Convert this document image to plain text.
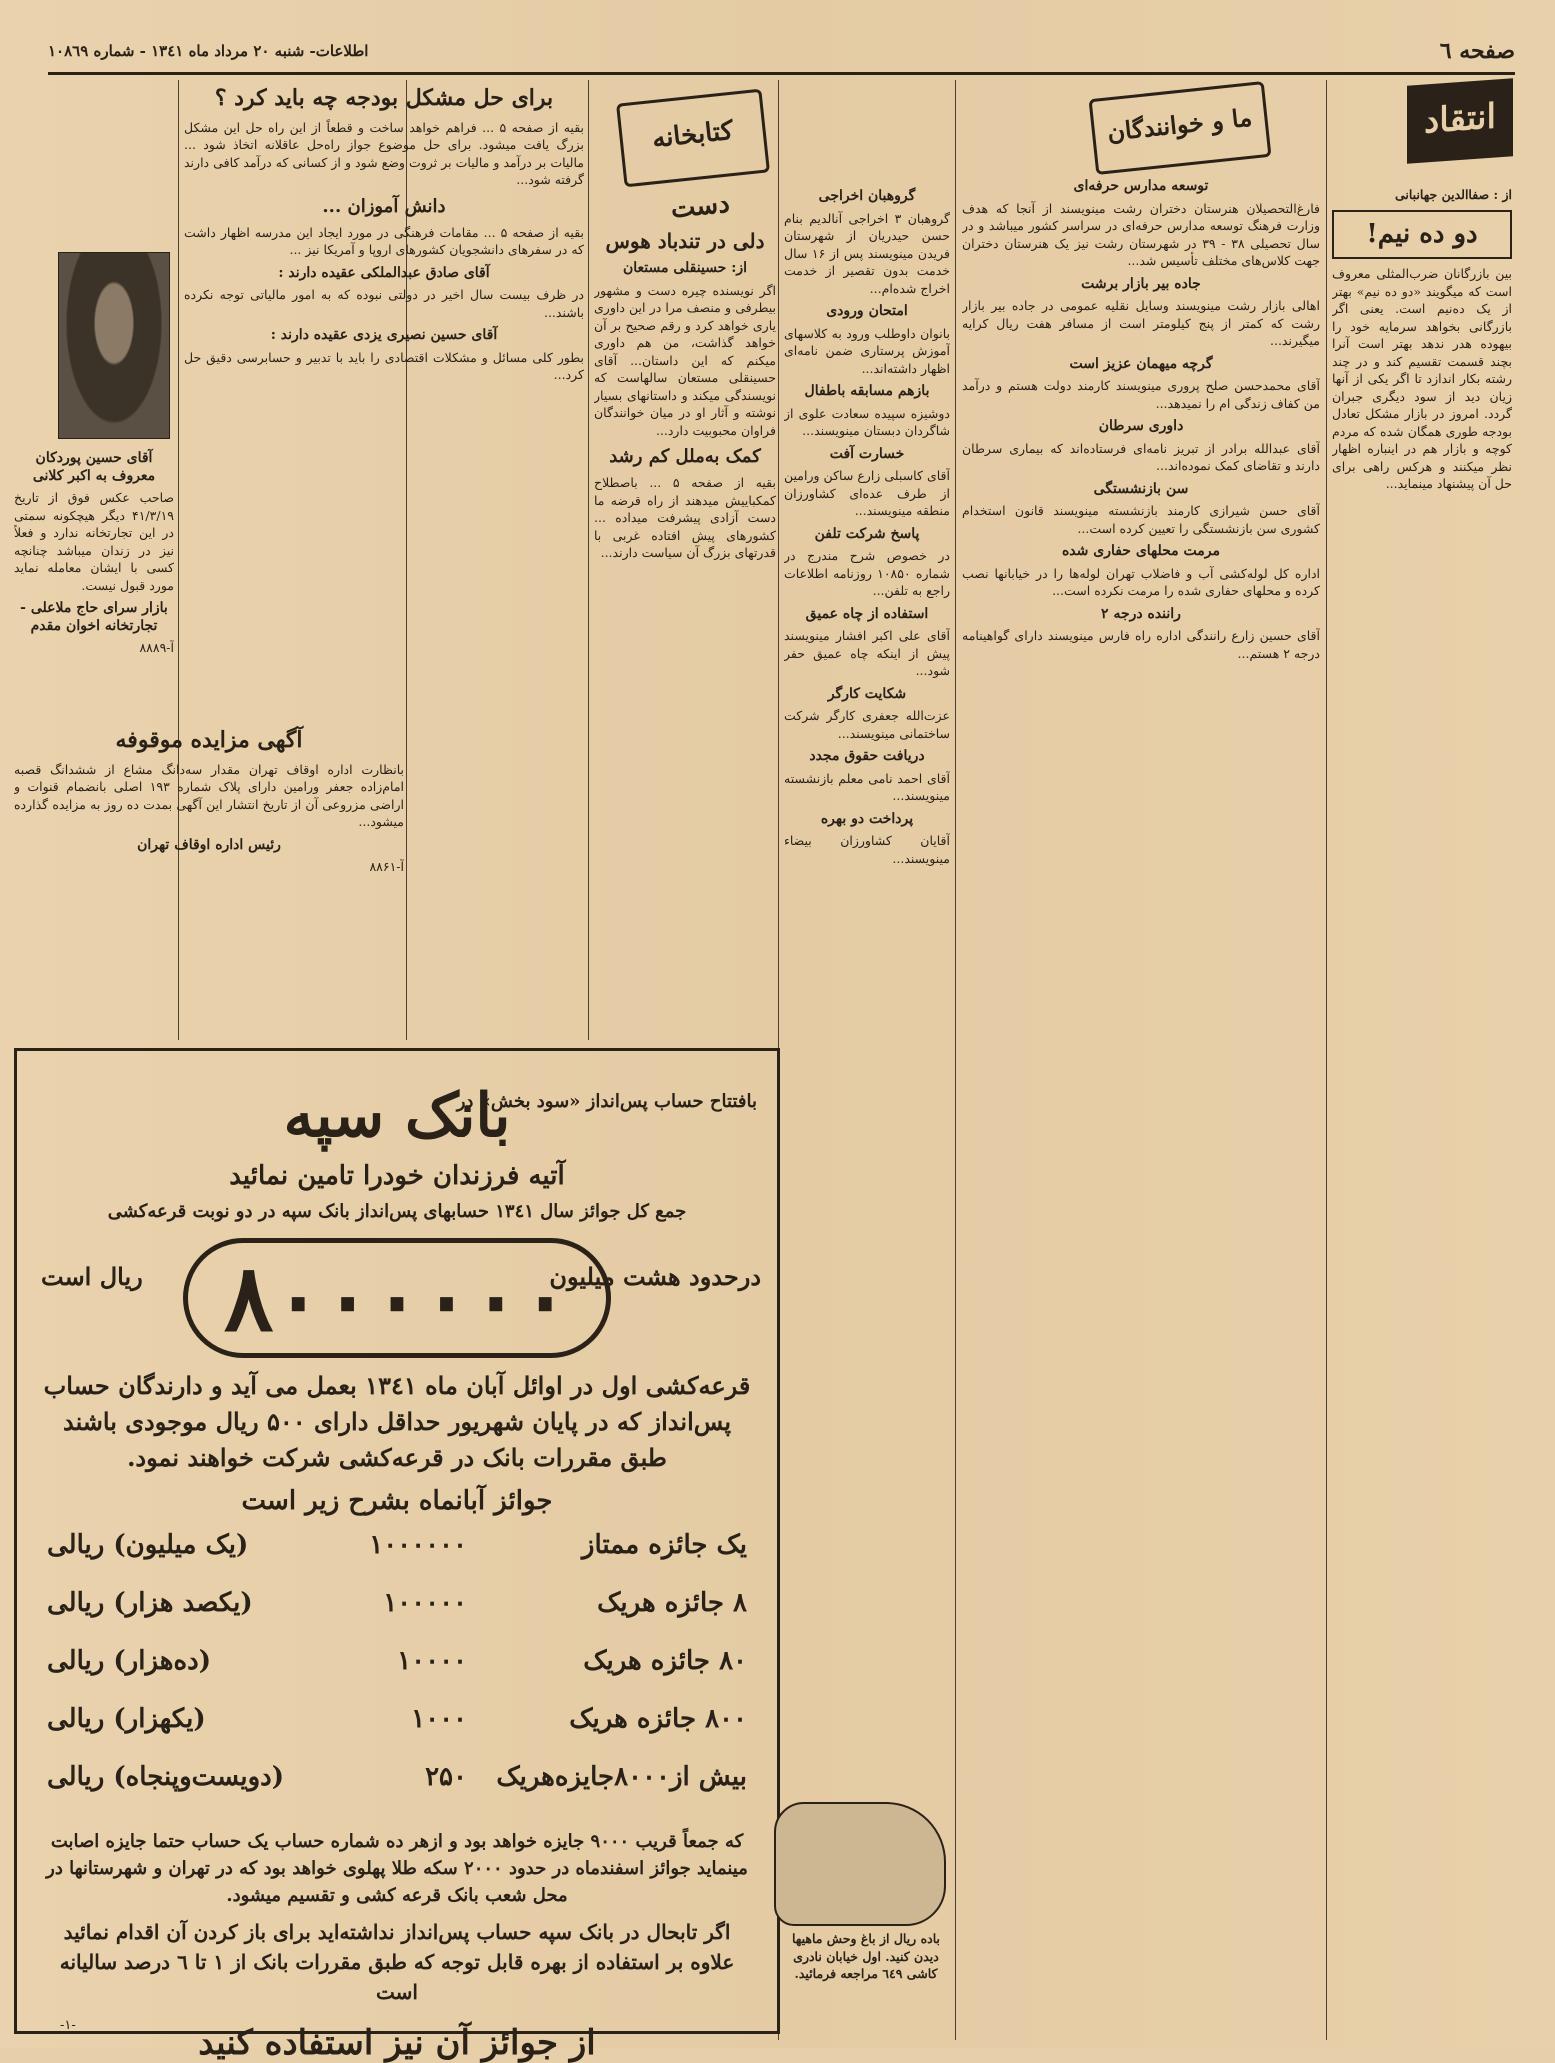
صفحه ٦
اطلاعات- شنبه ۲۰ مرداد ماه ۱۳٤۱ - شماره ۱۰۸٦۹
انتقاد
از : صفاالدین جهانبانی
دو ده نیم!

بین بازرگانان ضرب‌المثلی معروف است که میگویند «دو ده نیم» بهتر از یک ده‌نیم است. یعنی اگر بازرگانی بخواهد سرمایه خود را بیهوده هدر ندهد بهتر است آنرا بچند قسمت تقسیم کند و در چند رشته بکار اندازد تا اگر یکی از آنها زیان دید از سود دیگری جبران گردد. امروز در بازار مشکل تعادل بودجه طوری همگان شده که مردم کوچه و بازار هم در اینباره اظهار نظر میکنند و هرکس راهی برای حل آن پیشنهاد مینماید...

ما و خوانندگان
توسعه مدارس حرفه‌ای

فارغ‌التحصیلان هنرستان دختران رشت مینویسند از آنجا که هدف وزارت فرهنگ توسعه مدارس حرفه‌ای در سراسر کشور میباشد و در سال تحصیلی ۳۸ - ۳۹ در شهرستان رشت نیز یک هنرستان دختران جهت کلاس‌های مختلف تأسیس شد...

جاده بیر بازار برشت

اهالی بازار رشت مینویسند وسایل نقلیه عمومی در جاده بیر بازار رشت که کمتر از پنج کیلومتر است از مسافر هفت ریال کرایه میگیرند...

گرچه میهمان عزیز است

آقای محمدحسن صلح پروری مینویسند کارمند دولت هستم و درآمد من کفاف زندگی ام را نمیدهد...

داوری سرطان

آقای عبدالله برادر از تبریز نامه‌ای فرستاده‌اند که بیماری سرطان دارند و تقاضای کمک نموده‌اند...

سن بازنشستگی

آقای حسن شیرازی کارمند بازنشسته مینویسند قانون استخدام کشوری سن بازنشستگی را تعیین کرده است...

مرمت محلهای حفاری شده

اداره کل لوله‌کشی آب و فاضلاب تهران لوله‌ها را در خیابانها نصب کرده و محلهای حفاری شده را مرمت نکرده است...

راننده درجه ۲

آقای حسین زارع رانندگی اداره راه فارس مینویسند دارای گواهینامه درجه ۲ هستم...

گروهبان اخراجی

گروهبان ۳ اخراجی آنالدیم بنام حسن حیدریان از شهرستان فریدن مینویسند پس از ۱۶ سال خدمت بدون تقصیر از خدمت اخراج شده‌ام...

امتحان ورودی

بانوان داوطلب ورود به کلاسهای آموزش پرستاری ضمن نامه‌ای اظهار داشته‌اند...

بازهم مسابقه باطفال

دوشیزه سپیده سعادت علوی از شاگردان دبستان مینویسند...

خسارت آفت

آقای کاسبلی زارع ساکن ورامین از طرف عده‌ای کشاورزان منطقه مینویسند...

پاسخ شرکت تلفن

در خصوص شرح مندرج در شماره ۱۰۸۵۰ روزنامه اطلاعات راجع به تلفن...

استفاده از چاه عمیق

آقای علی اکبر افشار مینویسند پیش از اینکه چاه عمیق حفر شود...

شکایت کارگر

عزت‌الله جعفری کارگر شرکت ساختمانی مینویسند...

دریافت حقوق مجدد

آقای احمد نامی معلم بازنشسته مینویسند...

پرداخت دو بهره

آقایان کشاورزان بیضاء مینویسند...

کتابخانه دست
دلی در تندباد هوس
از: حسینقلی مستعان

اگر نویسنده چیره دست و مشهور بیطرفی و منصف مرا در این داوری یاری خواهد کرد و رقم صحیح بر آن خواهد گذاشت، من هم داوری میکنم که این داستان... آقای حسینقلی مستعان سالهاست که نویسندگی میکند و داستانهای بسیار نوشته و آثار او در میان خوانندگان فراوان محبوبیت دارد...

کمک به‌ملل کم رشد

بقیه از صفحه ۵ ... باصطلاح کمکباییش میدهند از راه قرضه ما دست آزادی پیشرفت میداده ... کشورهای پیش افتاده غربی با قدرتهای بزرگ آن سیاست دارند...

برای حل مشکل بودجه چه باید کرد ؟

بقیه از صفحه ۵ ... فراهم خواهد ساخت و قطعاً از این راه حل این مشکل بزرگ یافت میشود. برای حل موضوع جواز راه‌حل عاقلانه اتخاذ شود ... مالیات بر درآمد و مالیات بر ثروت وضع شود و از کسانی که درآمد کافی دارند گرفته شود...

دانش آموزان ...

بقیه از صفحه ۵ ... مقامات فرهنگی در مورد ایجاد این مدرسه اظهار داشت که در سفرهای دانشجویان کشورهای اروپا و آمریکا نیز ...

آقای صادق عبدالملکی عقیده دارند :

در ظرف بیست سال اخیر در دولتی نبوده که به امور مالیاتی توجه نکرده باشند...

آقای حسین نصیری یزدی عقیده دارند :

بطور کلی مسائل و مشکلات اقتصادی را باید با تدبیر و حسابرسی دقیق حل کرد...

آقای حسین پوردکان معروف به اکبر کلانی

صاحب عکس فوق از تاریخ ۴۱/۳/۱۹ دیگر هیچکونه سمتی در این تجارتخانه ندارد و فعلاً نیز در زندان میباشد چنانچه کسی با ایشان معامله نماید مورد قبول نیست.

بازار سرای حاج ملاعلی - تجارتخانه اخوان مقدم
آ-۸۸۸٩
آگهی مزایده موقوفه

بانظارت اداره اوقاف تهران مقدار سه‌دانگ مشاع از ششدانگ قصبه امام‌زاده جعفر ورامین دارای پلاک شماره ۱۹۳ اصلی بانضمام قنوات و اراضی مزروعی آن از تاریخ انتشار این آگهی بمدت ده روز به مزایده گذارده میشود...

رئیس اداره اوقاف تهران
آ-۸۸۶۱
بافتتاح حساب پس‌انداز «سود بخش» در
بانک سپه
آتیه فرزندان خودرا تامین نمائید
جمع کل جوائز سال ۱۳٤۱ حسابهای پس‌انداز بانک سپه در دو نوبت قرعه‌کشی
درحدود هشت میلیون
۸۰۰۰۰۰۰
ریال است
قرعه‌کشی اول در اوائل آبان ماه ۱۳٤۱ بعمل می آید و دارندگان حساب پس‌انداز که در پایان شهریور حداقل دارای ۵۰۰ ریال موجودی باشند طبق مقررات بانک در قرعه‌کشی شرکت خواهند نمود.
جوائز آبانماه بشرح زیر است
یک جائزه ممتاز
۱۰۰۰۰۰۰
(یک میلیون) ریالی
۸ جائزه هریک
۱۰۰۰۰۰
(یکصد هزار) ریالی
۸۰ جائزه هریک
۱۰۰۰۰
(ده‌هزار) ریالی
۸۰۰ جائزه هریک
۱۰۰۰
(یکهزار) ریالی
بیش از۸۰۰۰جایزه‌هریک
۲۵۰
(دویست‌وپنجاه) ریالی
که جمعاً قریب ۹۰۰۰ جایزه خواهد بود و ازهر ده شماره حساب یک حساب حتما جایزه اصابت مینماید جوائز اسفندماه در حدود ۲۰۰۰ سکه طلا پهلوی خواهد بود که در تهران و شهرستانها در محل شعب بانک قرعه کشی و تقسیم میشود.
اگر تابحال در بانک سپه حساب پس‌انداز نداشته‌اید برای باز کردن آن اقدام نمائید علاوه بر استفاده از بهره قابل توجه که طبق مقررات بانک از ۱ تا ٦ درصد سالیانه است
از جوائز آن نیز استفاده کنید

باده ریال از باغ وحش ماهیها دیدن کنید. اول خیابان نادری کاشی ٦٤٩ مراجعه فرمائید.

-۱-
